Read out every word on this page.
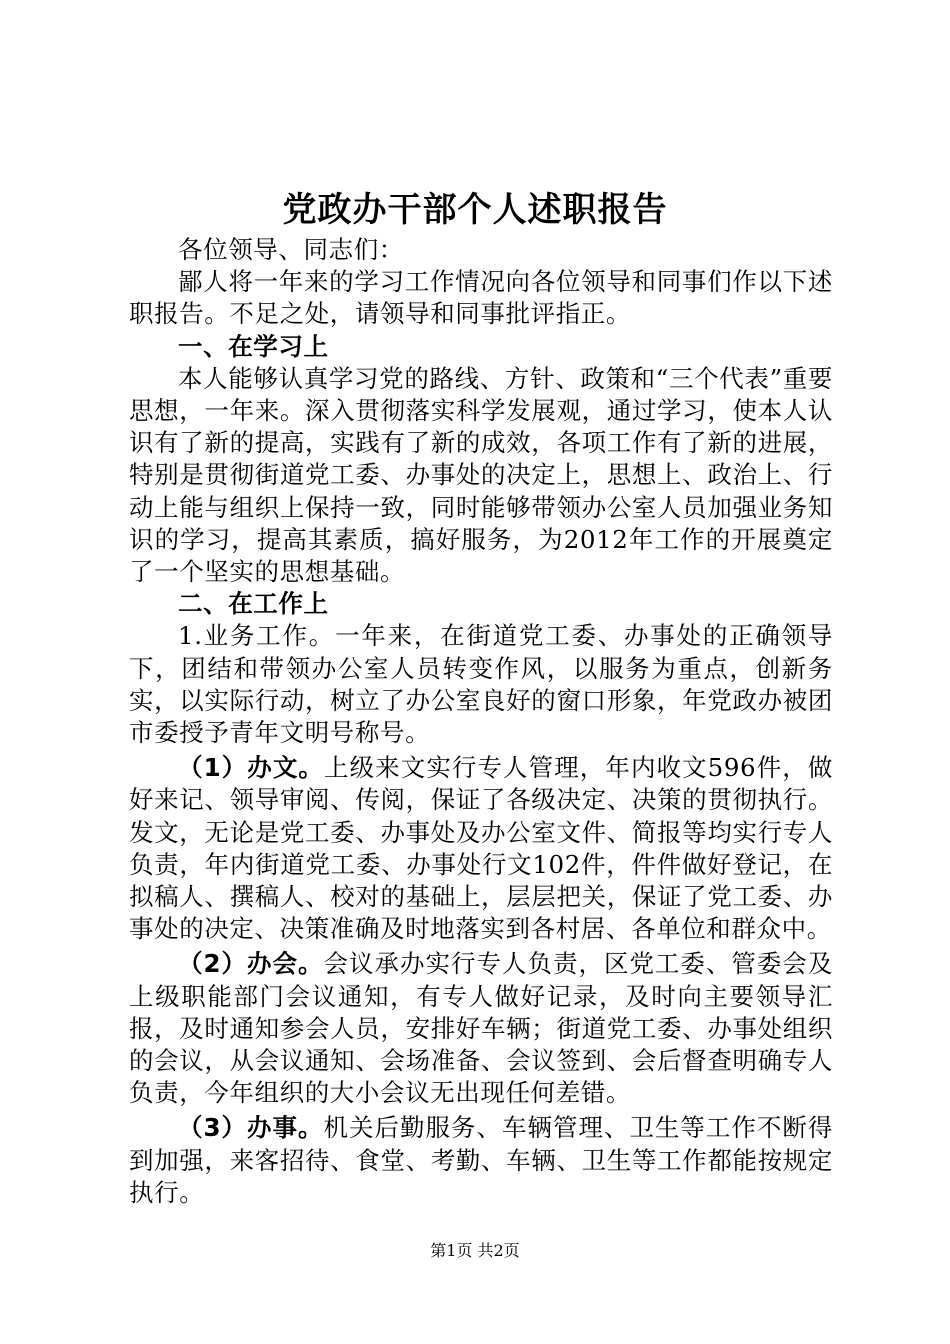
党政办干部个人述职报告

各位领导、同志们：

鄙人将一年来的学习工作情况向各位领导和同事们作以下述职报告。不足之处，请领导和同事批评指正。

一、在学习上

本人能够认真学习党的路线、方针、政策和“三个代表”重要思想，一年来。深入贯彻落实科学发展观，通过学习，使本人认识有了新的提高，实践有了新的成效，各项工作有了新的进展，特别是贯彻街道党工委、办事处的决定上，思想上、政治上、行动上能与组织上保持一致，同时能够带领办公室人员加强业务知识的学习，提高其素质，搞好服务，为2012年工作的开展奠定了一个坚实的思想基础。

二、在工作上

1.业务工作。一年来，在街道党工委、办事处的正确领导下，团结和带领办公室人员转变作风，以服务为重点，创新务实，以实际行动，树立了办公室良好的窗口形象，年党政办被团市委授予青年文明号称号。

（1）办文。上级来文实行专人管理，年内收文596件，做好来记、领导审阅、传阅，保证了各级决定、决策的贯彻执行。发文，无论是党工委、办事处及办公室文件、简报等均实行专人负责，年内街道党工委、办事处行文102件，件件做好登记，在拟稿人、撰稿人、校对的基础上，层层把关，保证了党工委、办事处的决定、决策准确及时地落实到各村居、各单位和群众中。

（2）办会。会议承办实行专人负责，区党工委、管委会及上级职能部门会议通知，有专人做好记录，及时向主要领导汇报，及时通知参会人员，安排好车辆；街道党工委、办事处组织的会议，从会议通知、会场准备、会议签到、会后督查明确专人负责，今年组织的大小会议无出现任何差错。

（3）办事。机关后勤服务、车辆管理、卫生等工作不断得到加强，来客招待、食堂、考勤、车辆、卫生等工作都能按规定执行。

第1页 共2页
